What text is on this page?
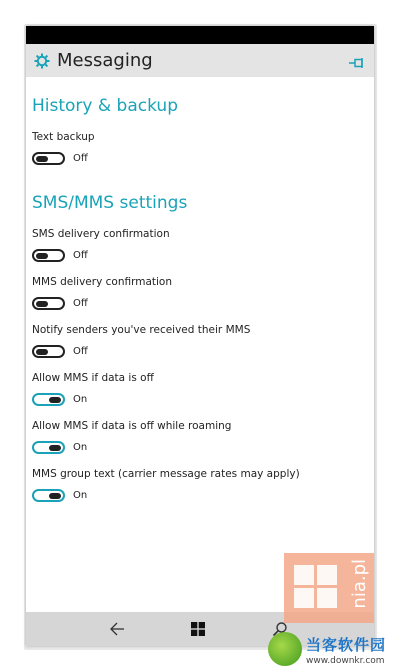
Messaging
History & backup
Text backup
Off
SMS/MMS settings
SMS delivery confirmation
Off
MMS delivery confirmation
Off
Notify senders you've received their MMS
Off
Allow MMS if data is off
On
Allow MMS if data is off while roaming
On
MMS group text (carrier message rates may apply)
On
nia.pl
当客软件园
www.downkr.com
